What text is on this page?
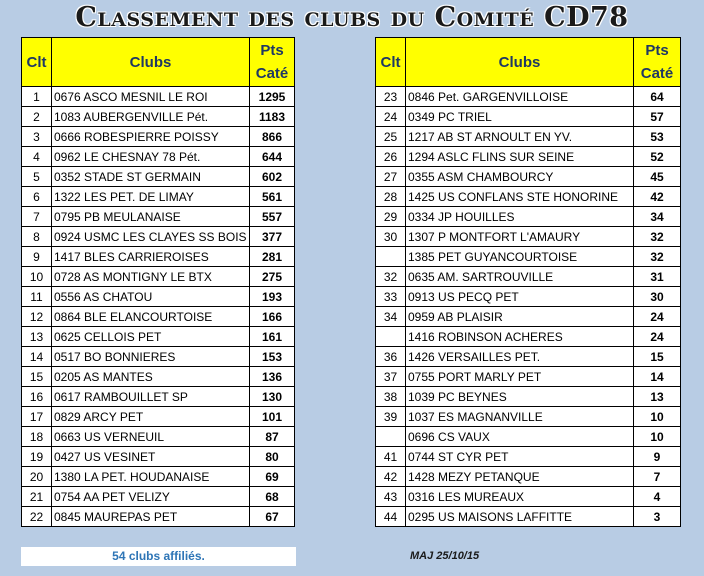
Classement des clubs du Comité CD78
Clt	Clubs	Pts
Caté
1	0676 ASCO MESNIL LE ROI	1295
2	1083 AUBERGENVILLE Pét.	1183
3	0666 ROBESPIERRE POISSY	866
4	0962 LE CHESNAY 78 Pét.	644
5	0352 STADE ST GERMAIN	602
6	1322 LES PET. DE LIMAY	561
7	0795 PB MEULANAISE	557
8	0924 USMC LES CLAYES SS BOIS	377
9	1417 BLES CARRIEROISES	281
10	0728 AS MONTIGNY LE BTX	275
11	0556 AS CHATOU	193
12	0864 BLE ELANCOURTOISE	166
13	0625 CELLOIS PET	161
14	0517 BO BONNIERES	153
15	0205 AS MANTES	136
16	0617 RAMBOUILLET SP	130
17	0829 ARCY PET	101
18	0663 US VERNEUIL	87
19	0427 US VESINET	80
20	1380 LA PET. HOUDANAISE	69
21	0754 AA PET VELIZY	68
22	0845 MAUREPAS PET	67
Clt	Clubs	Pts
Caté
23	0846 Pet. GARGENVILLOISE	64
24	0349 PC TRIEL	57
25	1217 AB ST ARNOULT EN YV.	53
26	1294 ASLC FLINS SUR SEINE	52
27	0355 ASM CHAMBOURCY	45
28	1425 US CONFLANS STE HONORINE	42
29	0334 JP HOUILLES	34
30	1307 P MONTFORT L'AMAURY	32
	1385 PET GUYANCOURTOISE	32
32	0635 AM. SARTROUVILLE	31
33	0913 US PECQ PET	30
34	0959 AB PLAISIR	24
	1416 ROBINSON ACHERES	24
36	1426 VERSAILLES PET.	15
37	0755 PORT MARLY PET	14
38	1039 PC BEYNES	13
39	1037 ES MAGNANVILLE	10
	0696 CS VAUX	10
41	0744 ST CYR PET	9
42	1428 MEZY PETANQUE	7
43	0316 LES MUREAUX	4
44	0295 US MAISONS LAFFITTE	3
54 clubs affiliés.	MAJ 25/10/15
